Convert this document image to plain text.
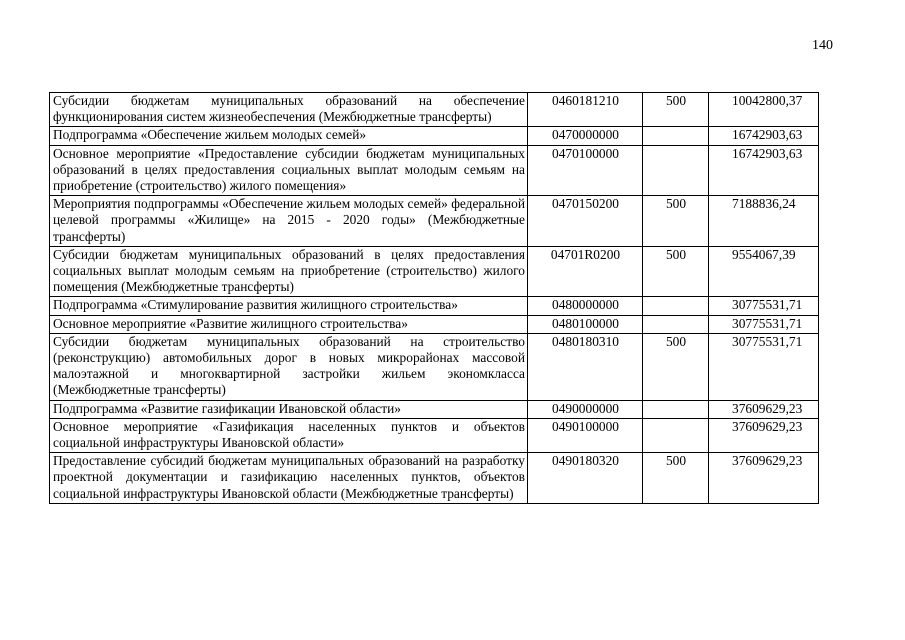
140
Субсидии бюджетам муниципальных образований на обеспечение функционирования систем жизнеобеспечения (Межбюджетные трансферты)	0460181210	500	10042800,37
Подпрограмма «Обеспечение жильем молодых семей»	0470000000		16742903,63
Основное мероприятие «Предоставление субсидии бюджетам муниципальных образований в целях предоставления социальных выплат молодым семьям на приобретение (строительство) жилого помещения»	0470100000		16742903,63
Мероприятия подпрограммы «Обеспечение жильем молодых семей» федеральной целевой программы «Жилище» на 2015 - 2020 годы» (Межбюджетные трансферты)	0470150200	500	7188836,24
Субсидии бюджетам муниципальных образований в целях предоставления социальных выплат молодым семьям на приобретение (строительство) жилого помещения (Межбюджетные трансферты)	04701R0200	500	9554067,39
Подпрограмма «Стимулирование развития жилищного строительства»	0480000000		30775531,71
Основное мероприятие «Развитие жилищного строительства»	0480100000		30775531,71
Субсидии бюджетам муниципальных образований на строительство (реконструкцию) автомобильных дорог в новых микрорайонах массовой малоэтажной и многоквартирной застройки жильем экономкласса (Межбюджетные трансферты)	0480180310	500	30775531,71
Подпрограмма «Развитие газификации Ивановской области»	0490000000		37609629,23
Основное мероприятие «Газификация населенных пунктов и объектов социальной инфраструктуры Ивановской области»	0490100000		37609629,23
Предоставление субсидий бюджетам муниципальных образований на разработку проектной документации и газификацию населенных пунктов, объектов социальной инфраструктуры Ивановской области (Межбюджетные трансферты)	0490180320	500	37609629,23
